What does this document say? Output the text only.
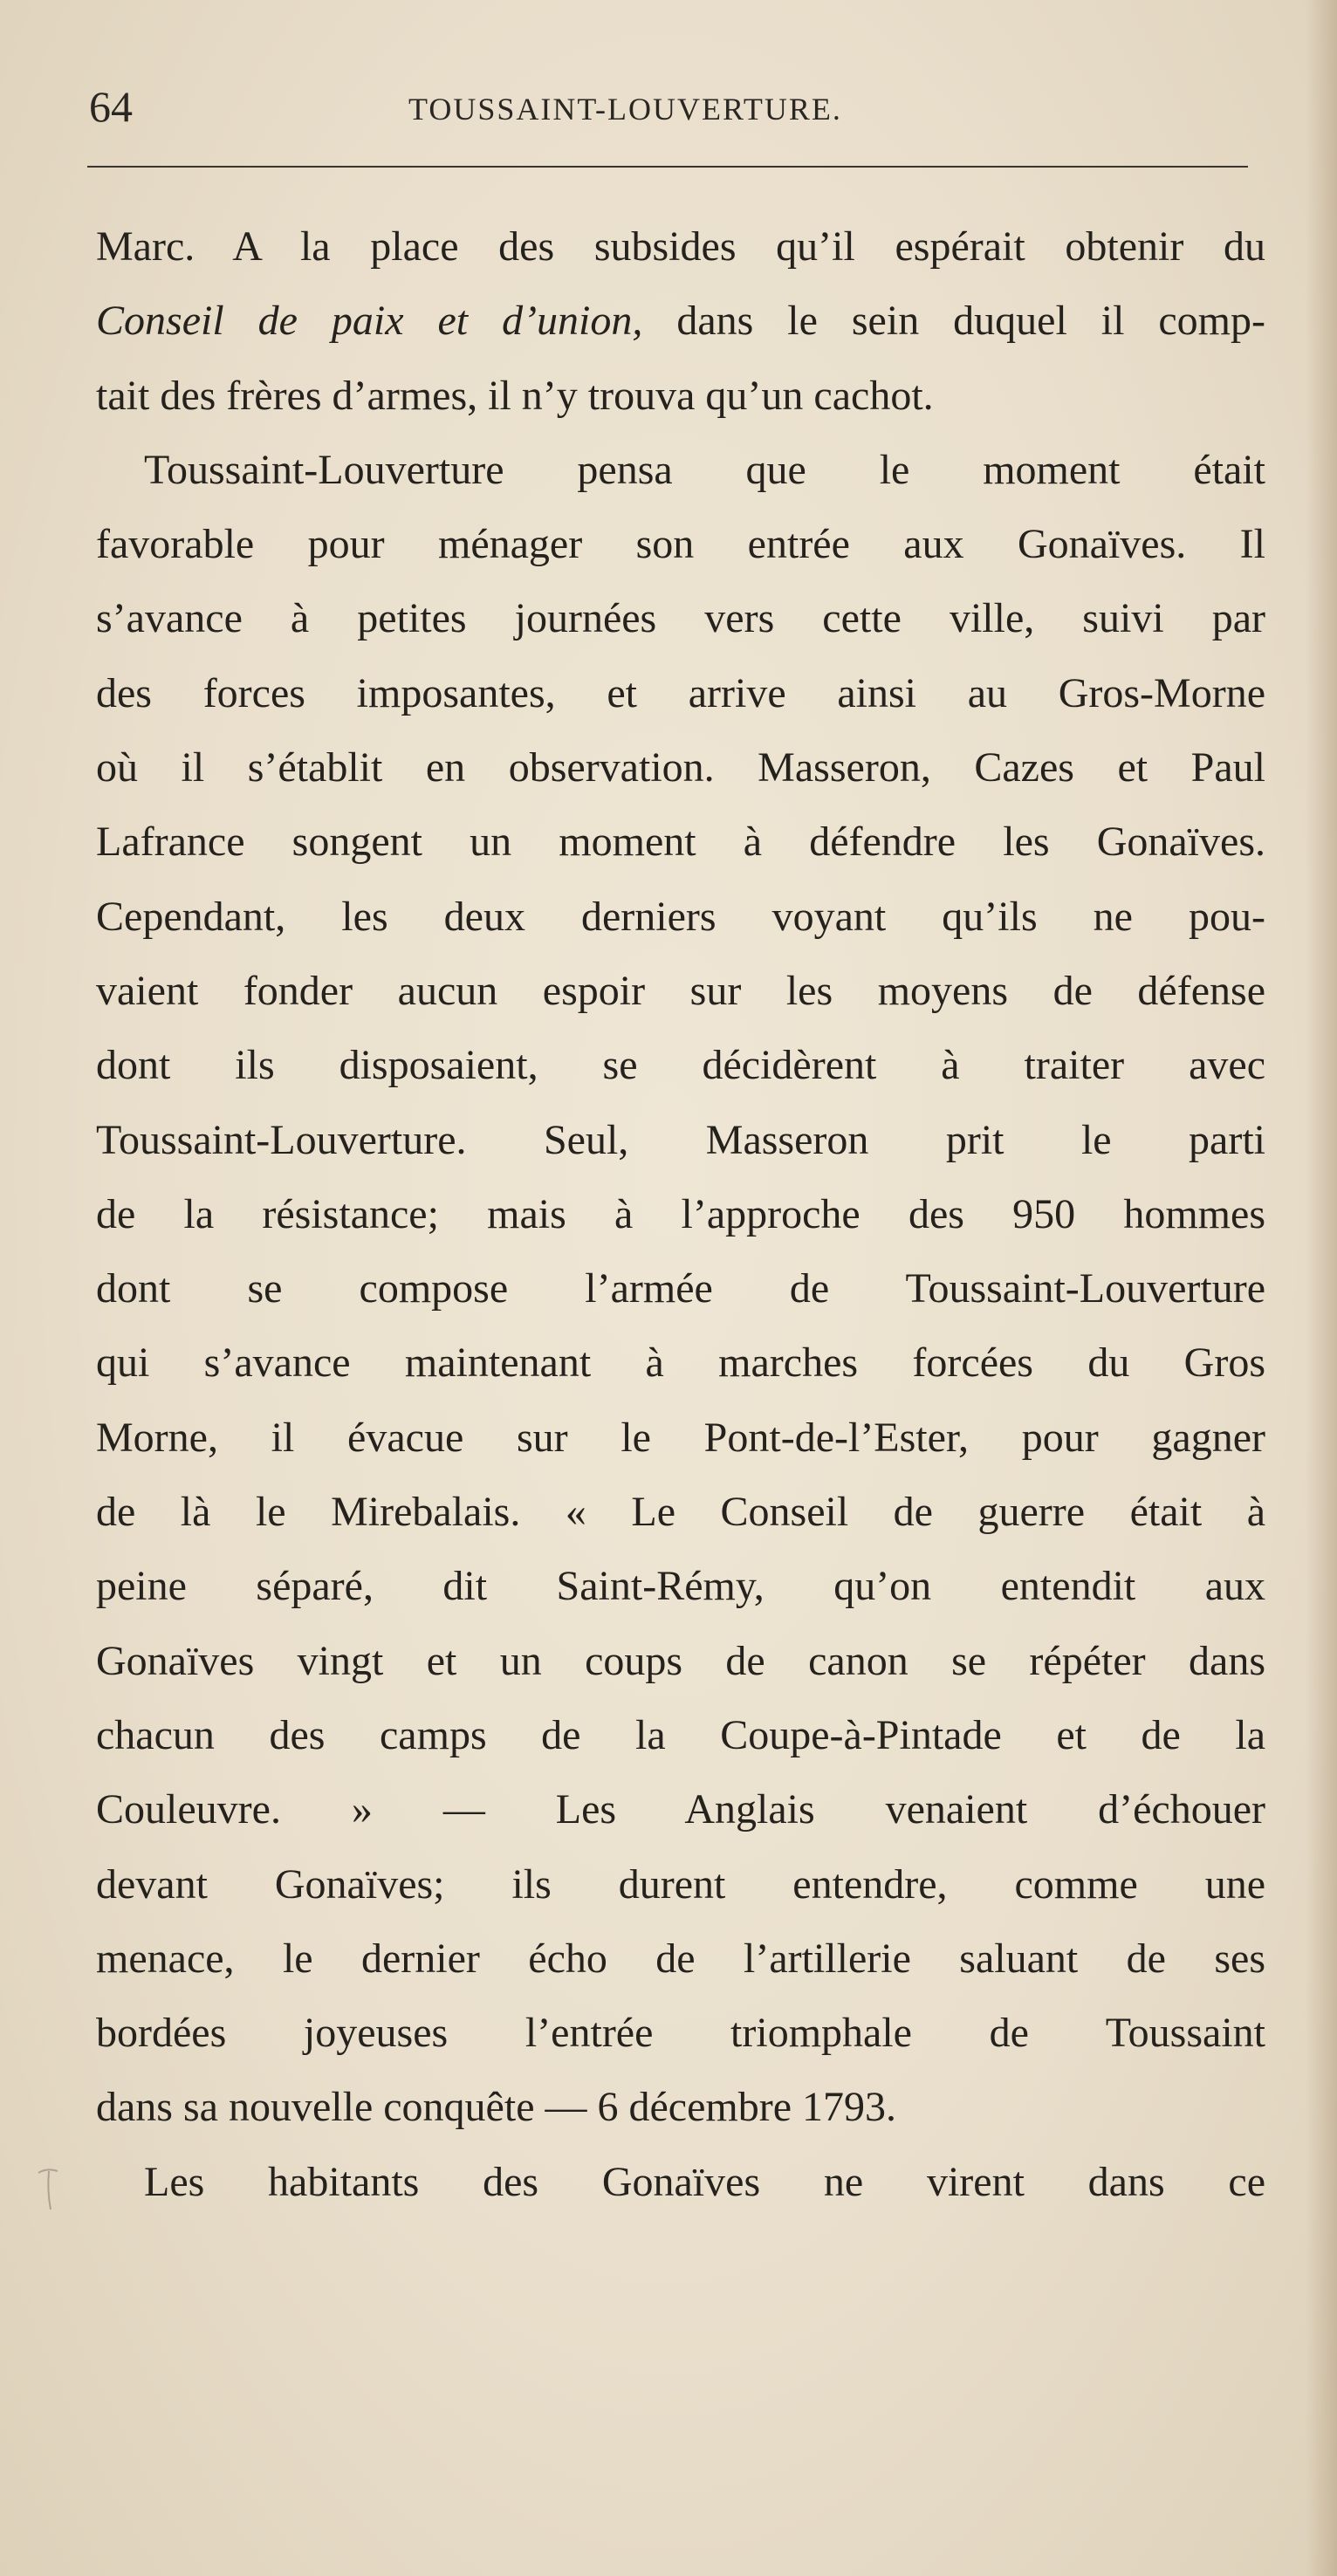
64	TOUSSAINT-LOUVERTURE.
Marc. A la place des subsides qu’il espérait obtenir du
Conseil de paix et d’union, dans le sein duquel il comp-
tait des frères d’armes, il n’y trouva qu’un cachot.
Toussaint-Louverture pensa que le moment était
favorable pour ménager son entrée aux Gonaïves. Il
s’avance à petites journées vers cette ville, suivi par
des forces imposantes, et arrive ainsi au Gros-Morne
où il s’établit en observation. Masseron, Cazes et Paul
Lafrance songent un moment à défendre les Gonaïves.
Cependant, les deux derniers voyant qu’ils ne pou-
vaient fonder aucun espoir sur les moyens de défense
dont ils disposaient, se décidèrent à traiter avec
Toussaint-Louverture. Seul, Masseron prit le parti
de la résistance; mais à l’approche des 950 hommes
dont se compose l’armée de Toussaint-Louverture
qui s’avance maintenant à marches forcées du Gros
Morne, il évacue sur le Pont-de-l’Ester, pour gagner
de là le Mirebalais. « Le Conseil de guerre était à
peine séparé, dit Saint-Rémy, qu’on entendit aux
Gonaïves vingt et un coups de canon se répéter dans
chacun des camps de la Coupe-à-Pintade et de la
Couleuvre. » — Les Anglais venaient d’échouer
devant Gonaïves; ils durent entendre, comme une
menace, le dernier écho de l’artillerie saluant de ses
bordées joyeuses l’entrée triomphale de Toussaint
dans sa nouvelle conquête — 6 décembre 1793.
Les habitants des Gonaïves ne virent dans ce
